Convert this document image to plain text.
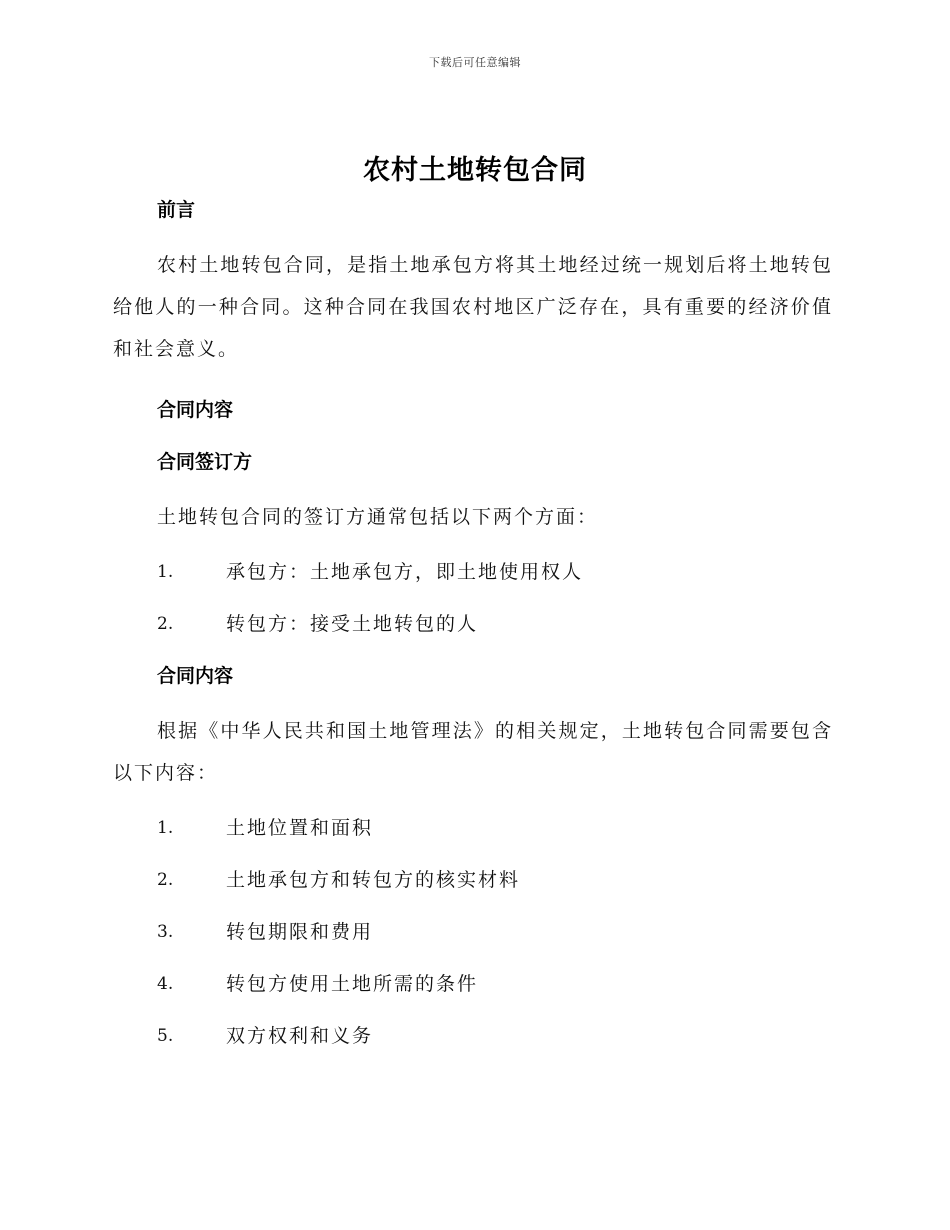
下载后可任意编辑
农村土地转包合同

前言

农村土地转包合同，是指土地承包方将其土地经过统一规划后将土地转包给他人的一种合同。这种合同在我国农村地区广泛存在，具有重要的经济价值和社会意义。

合同内容

合同签订方

土地转包合同的签订方通常包括以下两个方面：

1.	承包方：土地承包方，即土地使用权人
2.	转包方：接受土地转包的人

合同内容

根据《中华人民共和国土地管理法》的相关规定，土地转包合同需要包含以下内容：

1.	土地位置和面积
2.	土地承包方和转包方的核实材料
3.	转包期限和费用
4.	转包方使用土地所需的条件
5.	双方权利和义务
